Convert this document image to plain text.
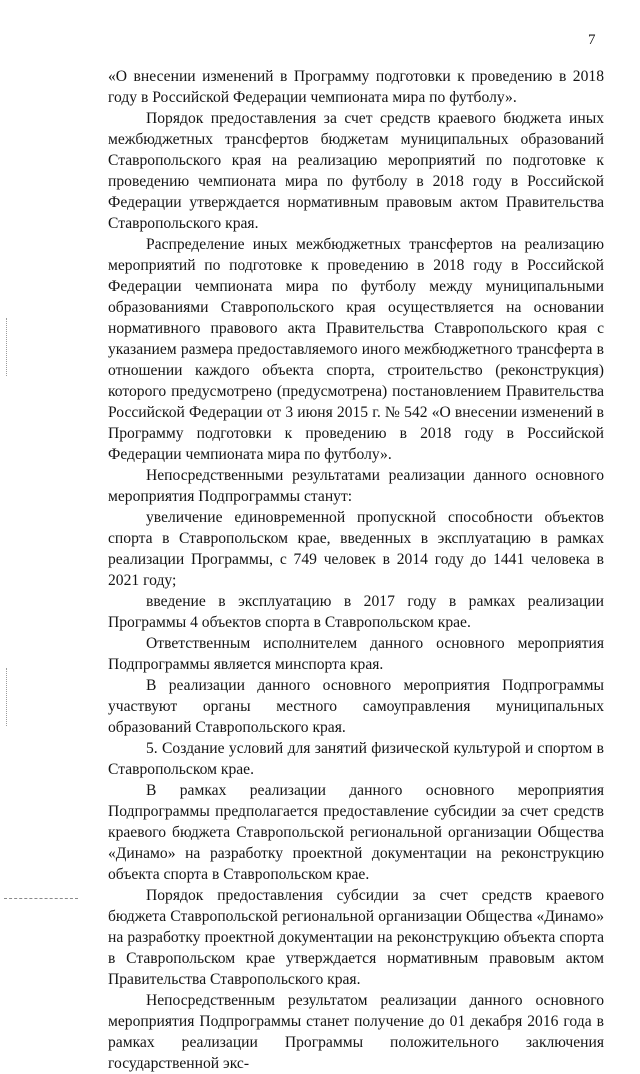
7

«О внесении изменений в Программу подготовки к проведению в 2018 году в Российской Федерации чемпионата мира по футболу».

Порядок предоставления за счет средств краевого бюджета иных межбюджетных трансфертов бюджетам муниципальных образований Ставропольского края на реализацию мероприятий по подготовке к проведению чемпионата мира по футболу в 2018 году в Российской Федерации утверждается нормативным правовым актом Правительства Ставропольского края.

Распределение иных межбюджетных трансфертов на реализацию мероприятий по подготовке к проведению в 2018 году в Российской Федерации чемпионата мира по футболу между муниципальными образованиями Ставропольского края осуществляется на основании нормативного правового акта Правительства Ставропольского края с указанием размера предоставляемого иного межбюджетного трансферта в отношении каждого объекта спорта, строительство (реконструкция) которого предусмотрено (предусмотрена) постановлением Правительства Российской Федерации от 3 июня 2015 г. № 542 «О внесении изменений в Программу подготовки к проведению в 2018 году в Российской Федерации чемпионата мира по футболу».

Непосредственными результатами реализации данного основного мероприятия Подпрограммы станут:

увеличение единовременной пропускной способности объектов спорта в Ставропольском крае, введенных в эксплуатацию в рамках реализации Программы, с 749 человек в 2014 году до 1441 человека в 2021 году;

введение в эксплуатацию в 2017 году в рамках реализации Программы 4 объектов спорта в Ставропольском крае.

Ответственным исполнителем данного основного мероприятия Подпрограммы является минспорта края.

В реализации данного основного мероприятия Подпрограммы участвуют органы местного самоуправления муниципальных образований Ставропольского края.

5. Создание условий для занятий физической культурой и спортом в Ставропольском крае.

В рамках реализации данного основного мероприятия Подпрограммы предполагается предоставление субсидии за счет средств краевого бюджета Ставропольской региональной организации Общества «Динамо» на разработку проектной документации на реконструкцию объекта спорта в Ставропольском крае.

Порядок предоставления субсидии за счет средств краевого бюджета Ставропольской региональной организации Общества «Динамо» на разработку проектной документации на реконструкцию объекта спорта в Ставропольском крае утверждается нормативным правовым актом Правительства Ставропольского края.

Непосредственным результатом реализации данного основного мероприятия Подпрограммы станет получение до 01 декабря 2016 года в рамках реализации Программы положительного заключения государственной экс-
